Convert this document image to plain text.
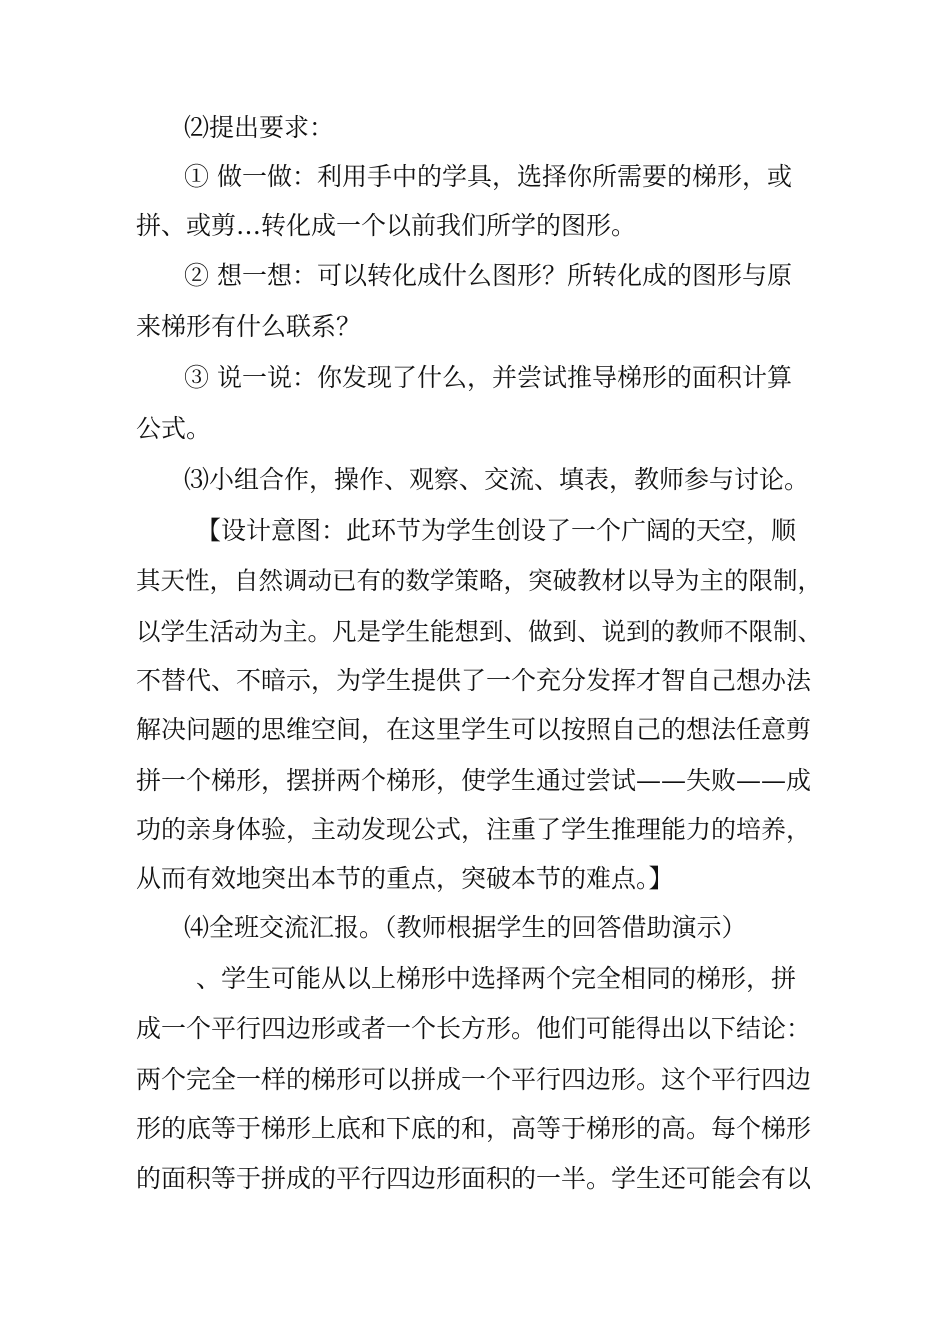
⑵提出要求：

① 做一做：利用手中的学具，选择你所需要的梯形，或

拼、或剪…转化成一个以前我们所学的图形。

② 想一想：可以转化成什么图形？所转化成的图形与原

来梯形有什么联系？

③ 说一说：你发现了什么，并尝试推导梯形的面积计算

公式。

⑶小组合作，操作、观察、交流、填表，教师参与讨论。

【设计意图：此环节为学生创设了一个广阔的天空，顺

其天性，自然调动已有的数学策略，突破教材以导为主的限制，

以学生活动为主。凡是学生能想到、做到、说到的教师不限制、

不替代、不暗示，为学生提供了一个充分发挥才智自己想办法

解决问题的思维空间，在这里学生可以按照自己的想法任意剪

拼一个梯形，摆拼两个梯形，使学生通过尝试——失败——成

功的亲身体验，主动发现公式，注重了学生推理能力的培养，

从而有效地突出本节的重点，突破本节的难点。】

⑷全班交流汇报。（教师根据学生的回答借助演示）

、学生可能从以上梯形中选择两个完全相同的梯形，拼

成一个平行四边形或者一个长方形。他们可能得出以下结论：

两个完全一样的梯形可以拼成一个平行四边形。这个平行四边

形的底等于梯形上底和下底的和，高等于梯形的高。每个梯形

的面积等于拼成的平行四边形面积的一半。学生还可能会有以
